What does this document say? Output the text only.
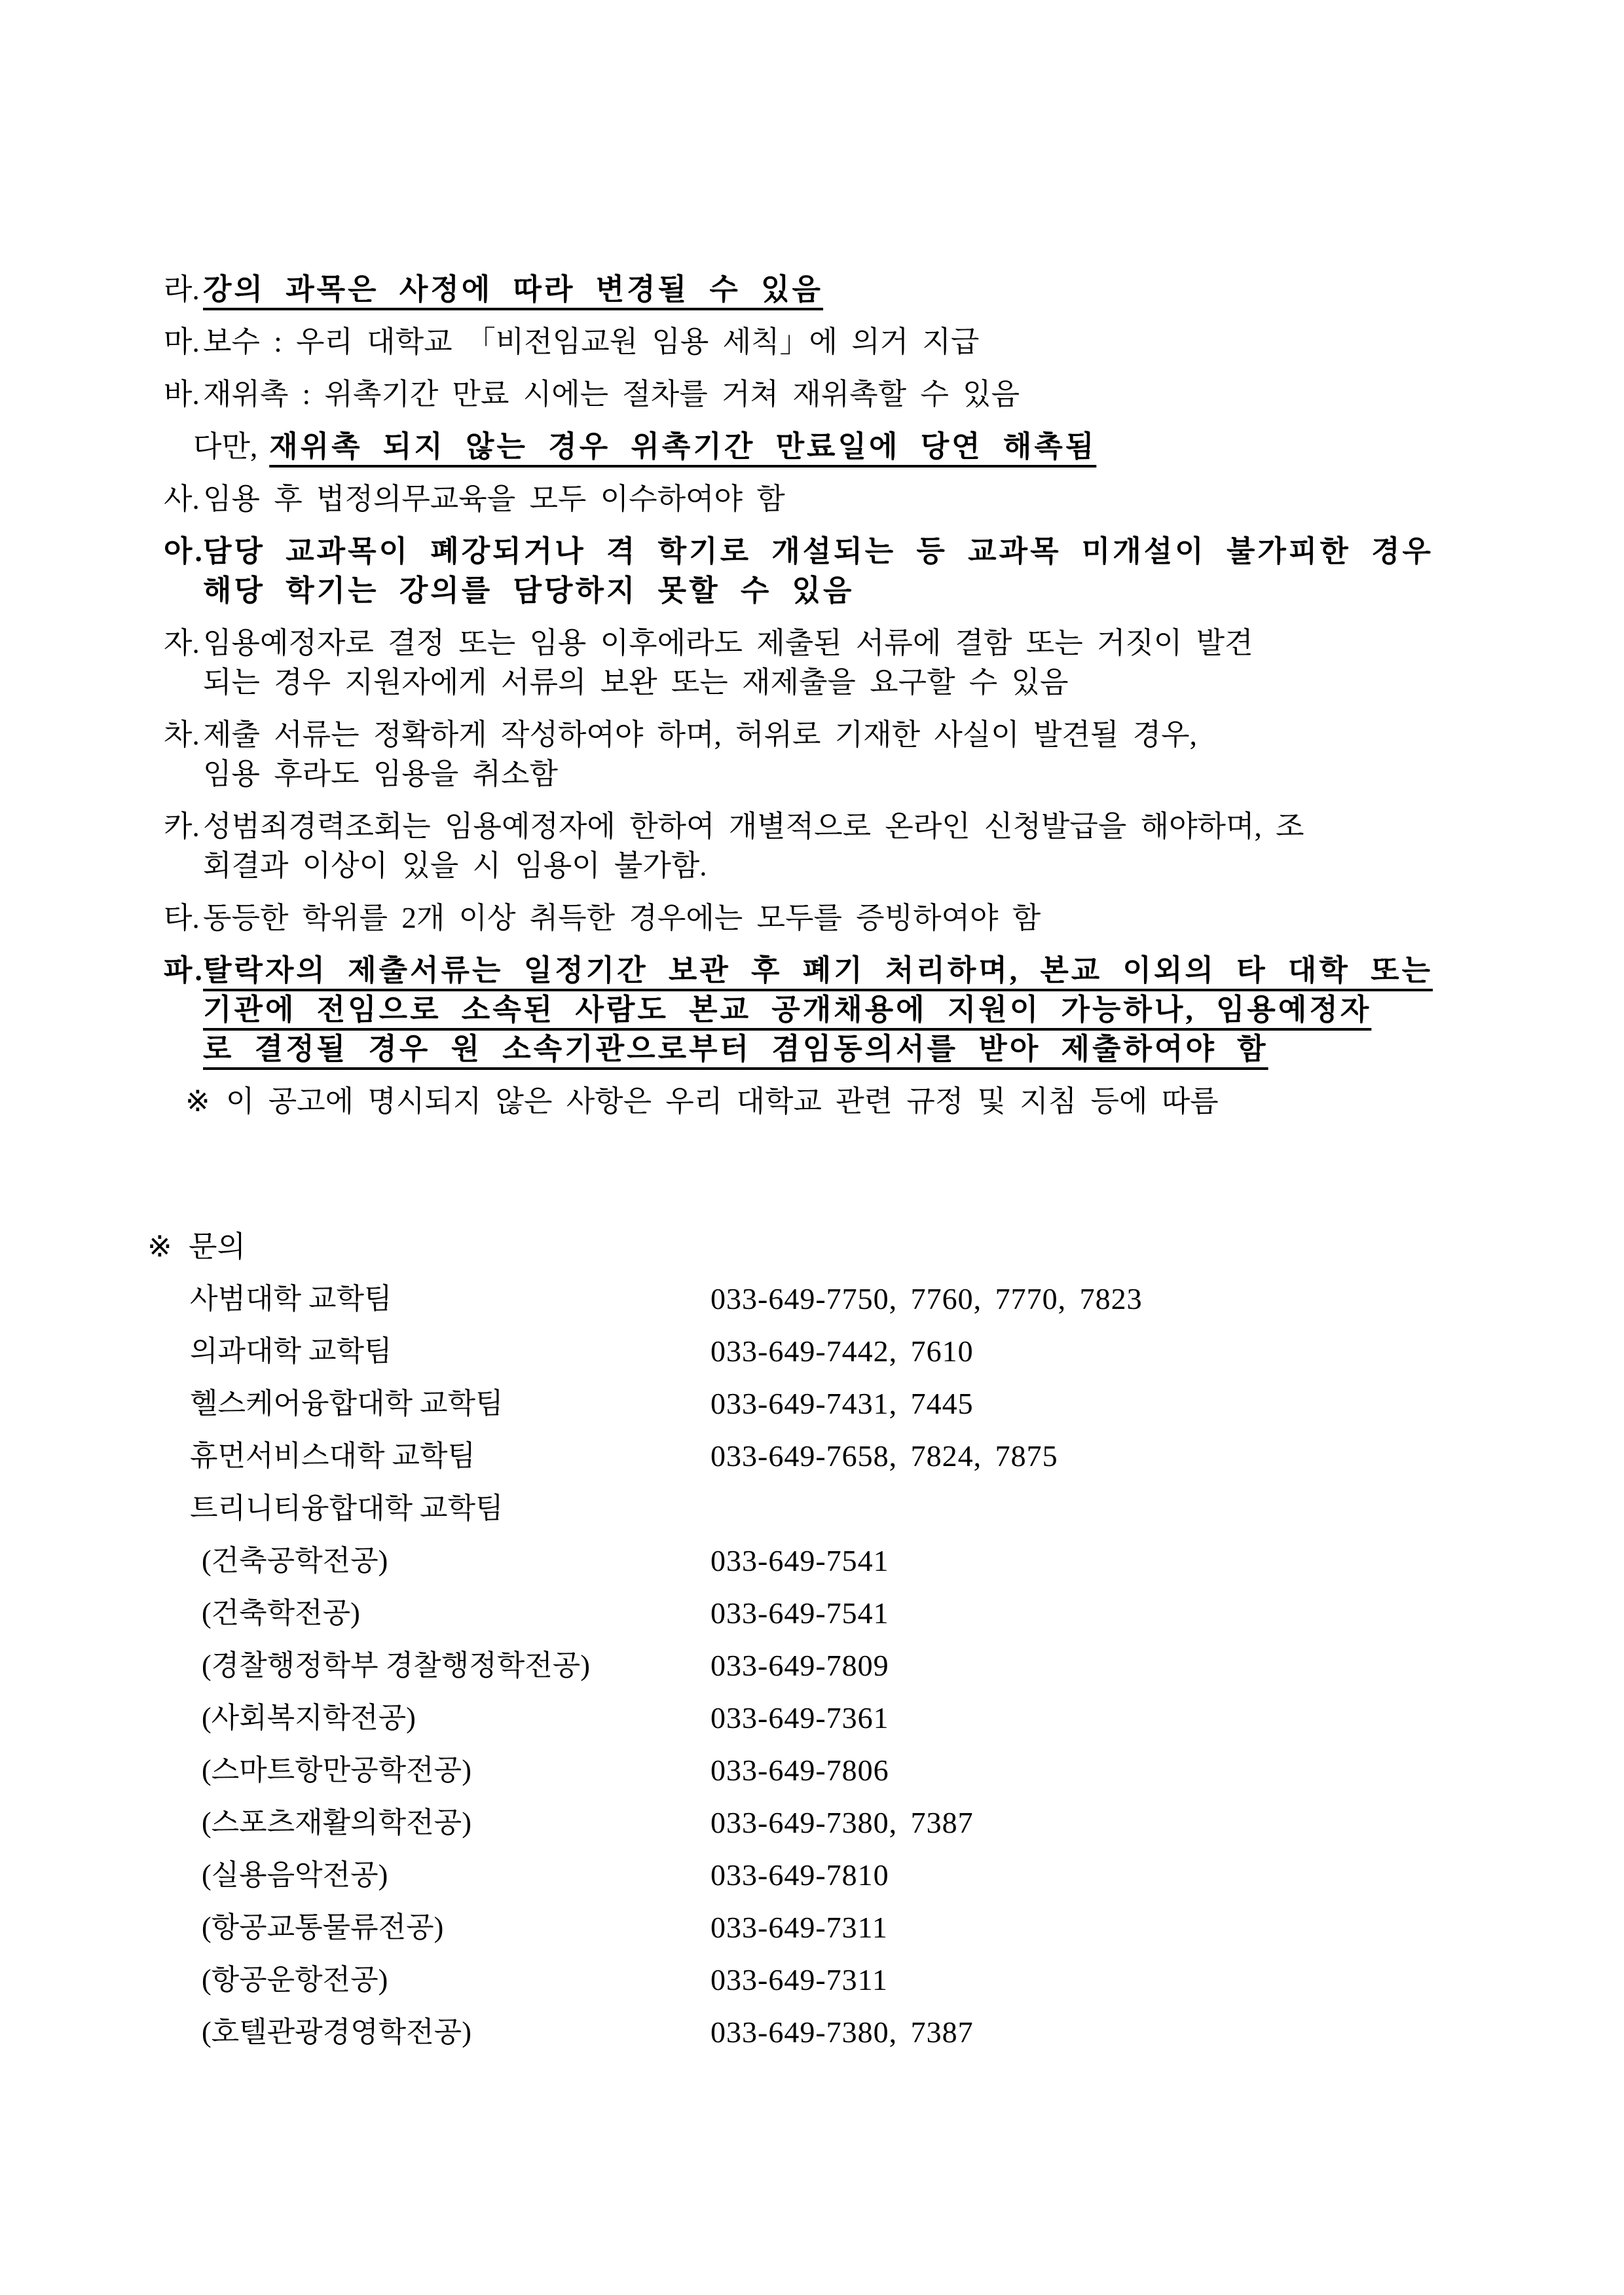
라. 강의 과목은 사정에 따라 변경될 수 있음
마. 보수 : 우리 대학교 「비전임교원 임용 세칙」에 의거 지급
바. 재위촉 : 위촉기간 만료 시에는 절차를 거쳐 재위촉할 수 있음
다만, 재위촉 되지 않는 경우 위촉기간 만료일에 당연 해촉됨
사. 임용 후 법정의무교육을 모두 이수하여야 함
아.담당 교과목이 폐강되거나 격 학기로 개설되는 등 교과목 미개설이 불가피한 경우
해당 학기는 강의를 담당하지 못할 수 있음
자. 임용예정자로 결정 또는 임용 이후에라도 제출된 서류에 결함 또는 거짓이 발견
되는 경우 지원자에게 서류의 보완 또는 재제출을 요구할 수 있음
차. 제출 서류는 정확하게 작성하여야 하며, 허위로 기재한 사실이 발견될 경우,
임용 후라도 임용을 취소함
카. 성범죄경력조회는 임용예정자에 한하여 개별적으로 온라인 신청발급을 해야하며, 조
회결과 이상이 있을 시 임용이 불가함.
타. 동등한 학위를 2개 이상 취득한 경우에는 모두를 증빙하여야 함
파.탈락자의 제출서류는 일정기간 보관 후 폐기 처리하며, 본교 이외의 타 대학 또는
기관에 전임으로 소속된 사람도 본교 공개채용에 지원이 가능하나, 임용예정자
로 결정될 경우 원 소속기관으로부터 겸임동의서를 받아 제출하여야 함
※ 이 공고에 명시되지 않은 사항은 우리 대학교 관련 규정 및 지침 등에 따름
※ 문의
사범대학 교학팀	033-649-7750, 7760, 7770, 7823
의과대학 교학팀	033-649-7442, 7610
헬스케어융합대학 교학팀	033-649-7431, 7445
휴먼서비스대학 교학팀	033-649-7658, 7824, 7875
트리니티융합대학 교학팀
(건축공학전공)	033-649-7541
(건축학전공)	033-649-7541
(경찰행정학부 경찰행정학전공)	033-649-7809
(사회복지학전공)	033-649-7361
(스마트항만공학전공)	033-649-7806
(스포츠재활의학전공)	033-649-7380, 7387
(실용음악전공)	033-649-7810
(항공교통물류전공)	033-649-7311
(항공운항전공)	033-649-7311
(호텔관광경영학전공)	033-649-7380, 7387
